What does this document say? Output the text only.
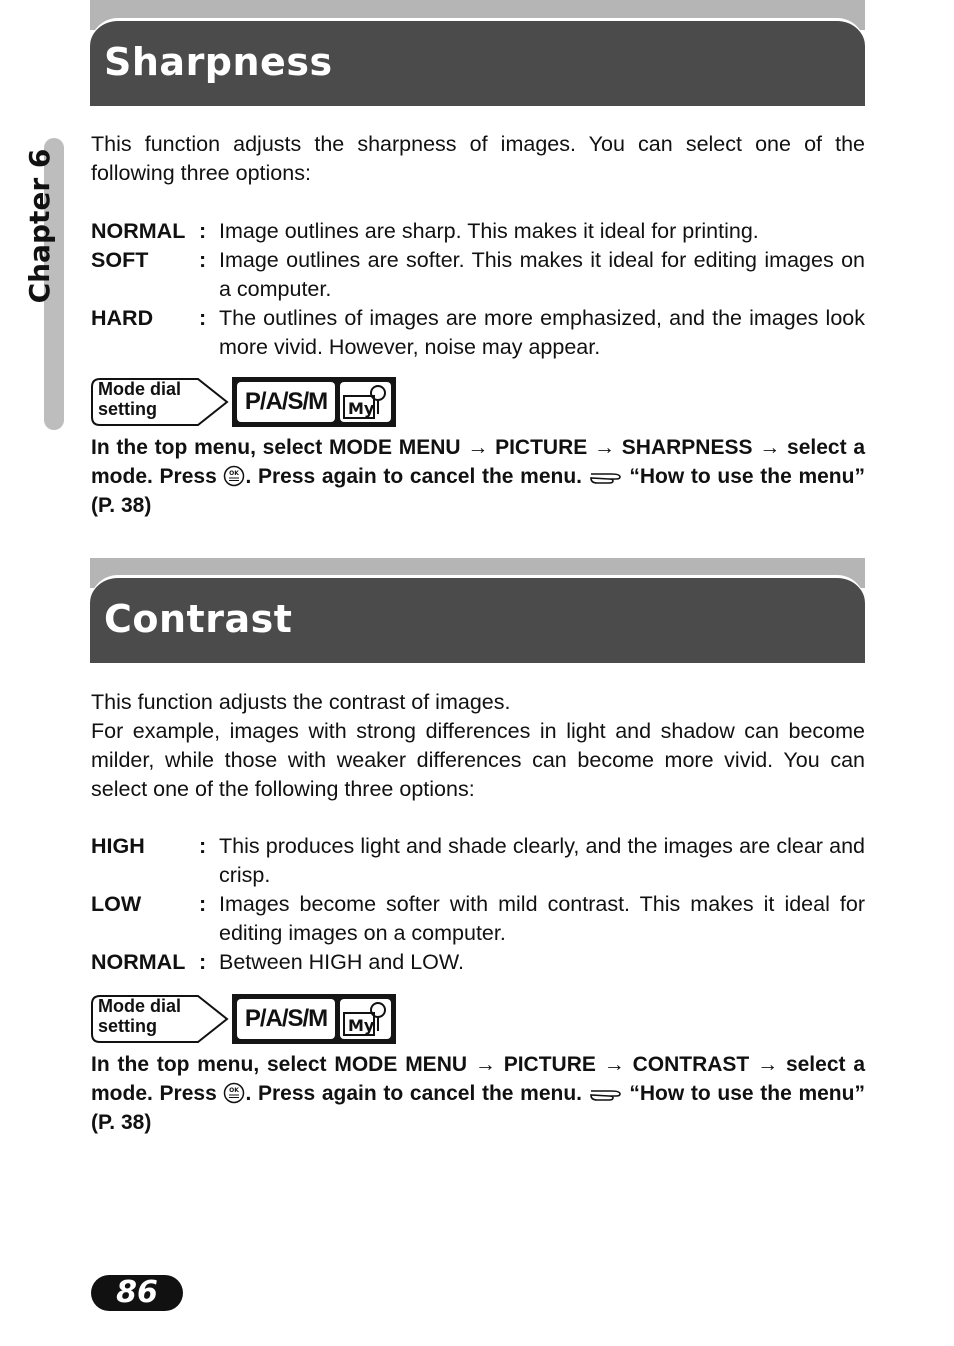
Chapter 6
Sharpness

This function adjusts the sharpness of images. You can select one of the following three options:

NORMAL : Image outlines are sharp. This makes it ideal for printing.

SOFT : Image outlines are softer. This makes it ideal for editing images on a computer.

HARD : The outlines of images are more emphasized, and the images look more vivid. However, noise may appear.

Mode dial
setting	P/A/S/M	My

In the top menu, select MODE MENU → PICTURE → SHARPNESS → select a mode. Press OK . Press again to cancel the menu. “How to use the menu” (P. 38)

Contrast

This function adjusts the contrast of images.

For example, images with strong differences in light and shadow can become milder, while those with weaker differences can become more vivid. You can select one of the following three options:

HIGH	: This produces light and shade clearly, and the images are clear and crisp.

LOW	: Images become softer with mild contrast. This makes it ideal for editing images on a computer.

NORMAL : Between HIGH and LOW.

Mode dial
setting	P/A/S/M	My

In the top menu, select MODE MENU → PICTURE → CONTRAST → select a mode. Press OK . Press again to cancel the menu. “How to use the menu” (P. 38)

86
